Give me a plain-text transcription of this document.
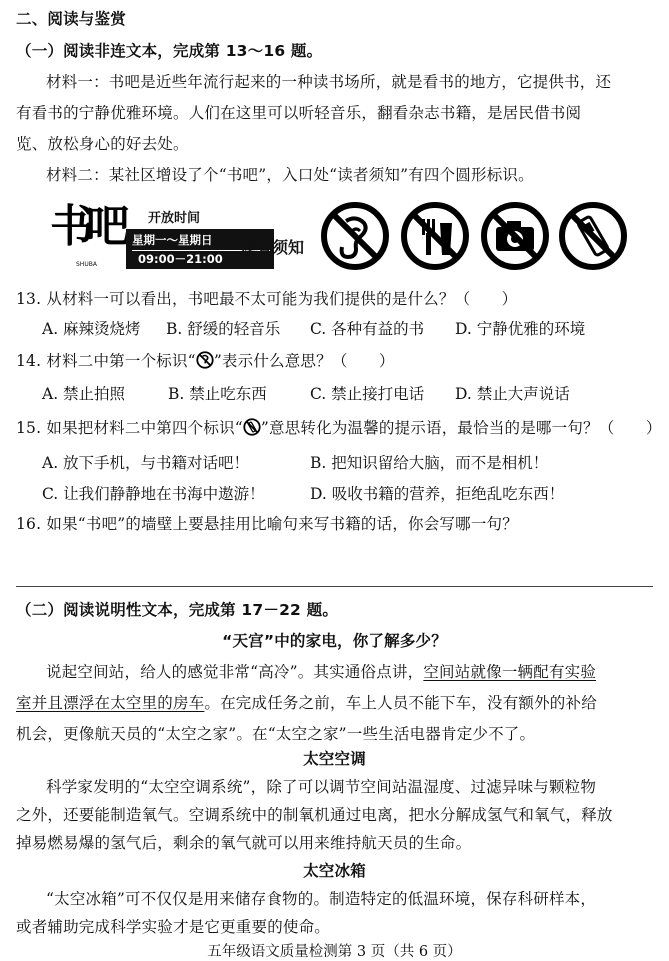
二、阅读与鉴赏
（一）阅读非连文本，完成第 13～16 题。
材料一：书吧是近些年流行起来的一种读书场所，就是看书的地方，它提供书，还
有看书的宁静优雅环境。人们在这里可以听轻音乐，翻看杂志书籍，是居民借书阅
览、放松身心的好去处。
材料二：某社区增设了个“书吧”，入口处“读者须知”有四个圆形标识。
书吧
SHUBA
开放时间
星期一～星期日
09:00－21:00
读者须知
13. 从材料一可以看出，书吧最不太可能为我们提供的是什么？（　　）
A. 麻辣烫烧烤 B. 舒缓的轻音乐 C. 各种有益的书 D. 宁静优雅的环境
14. 材料二中第一个标识“ ”表示什么意思？（　　）
A. 禁止拍照	B. 禁止吃东西	C. 禁止接打电话 D. 禁止大声说话
15. 如果把材料二中第四个标识“ ”意思转化为温馨的提示语，最恰当的是哪一句？（　　）
A. 放下手机，与书籍对话吧！	B. 把知识留给大脑，而不是相机！
C. 让我们静静地在书海中遨游！	D. 吸收书籍的营养，拒绝乱吃东西！
16. 如果“书吧”的墙壁上要悬挂用比喻句来写书籍的话，你会写哪一句？
（二）阅读说明性文本，完成第 17－22 题。
“天宫”中的家电，你了解多少？
说起空间站，给人的感觉非常“高冷”。其实通俗点讲，空间站就像一辆配有实验
室并且漂浮在太空里的房车。在完成任务之前，车上人员不能下车，没有额外的补给
机会，更像航天员的“太空之家”。在“太空之家”一些生活电器肯定少不了。
太空空调
科学家发明的“太空空调系统”，除了可以调节空间站温湿度、过滤异味与颗粒物
之外，还要能制造氧气。空调系统中的制氧机通过电离，把水分解成氢气和氧气，释放
掉易燃易爆的氢气后，剩余的氧气就可以用来维持航天员的生命。
太空冰箱
“太空冰箱”可不仅仅是用来储存食物的。制造特定的低温环境，保存科研样本，
或者辅助完成科学实验才是它更重要的使命。
五年级语文质量检测第 3 页（共 6 页）
